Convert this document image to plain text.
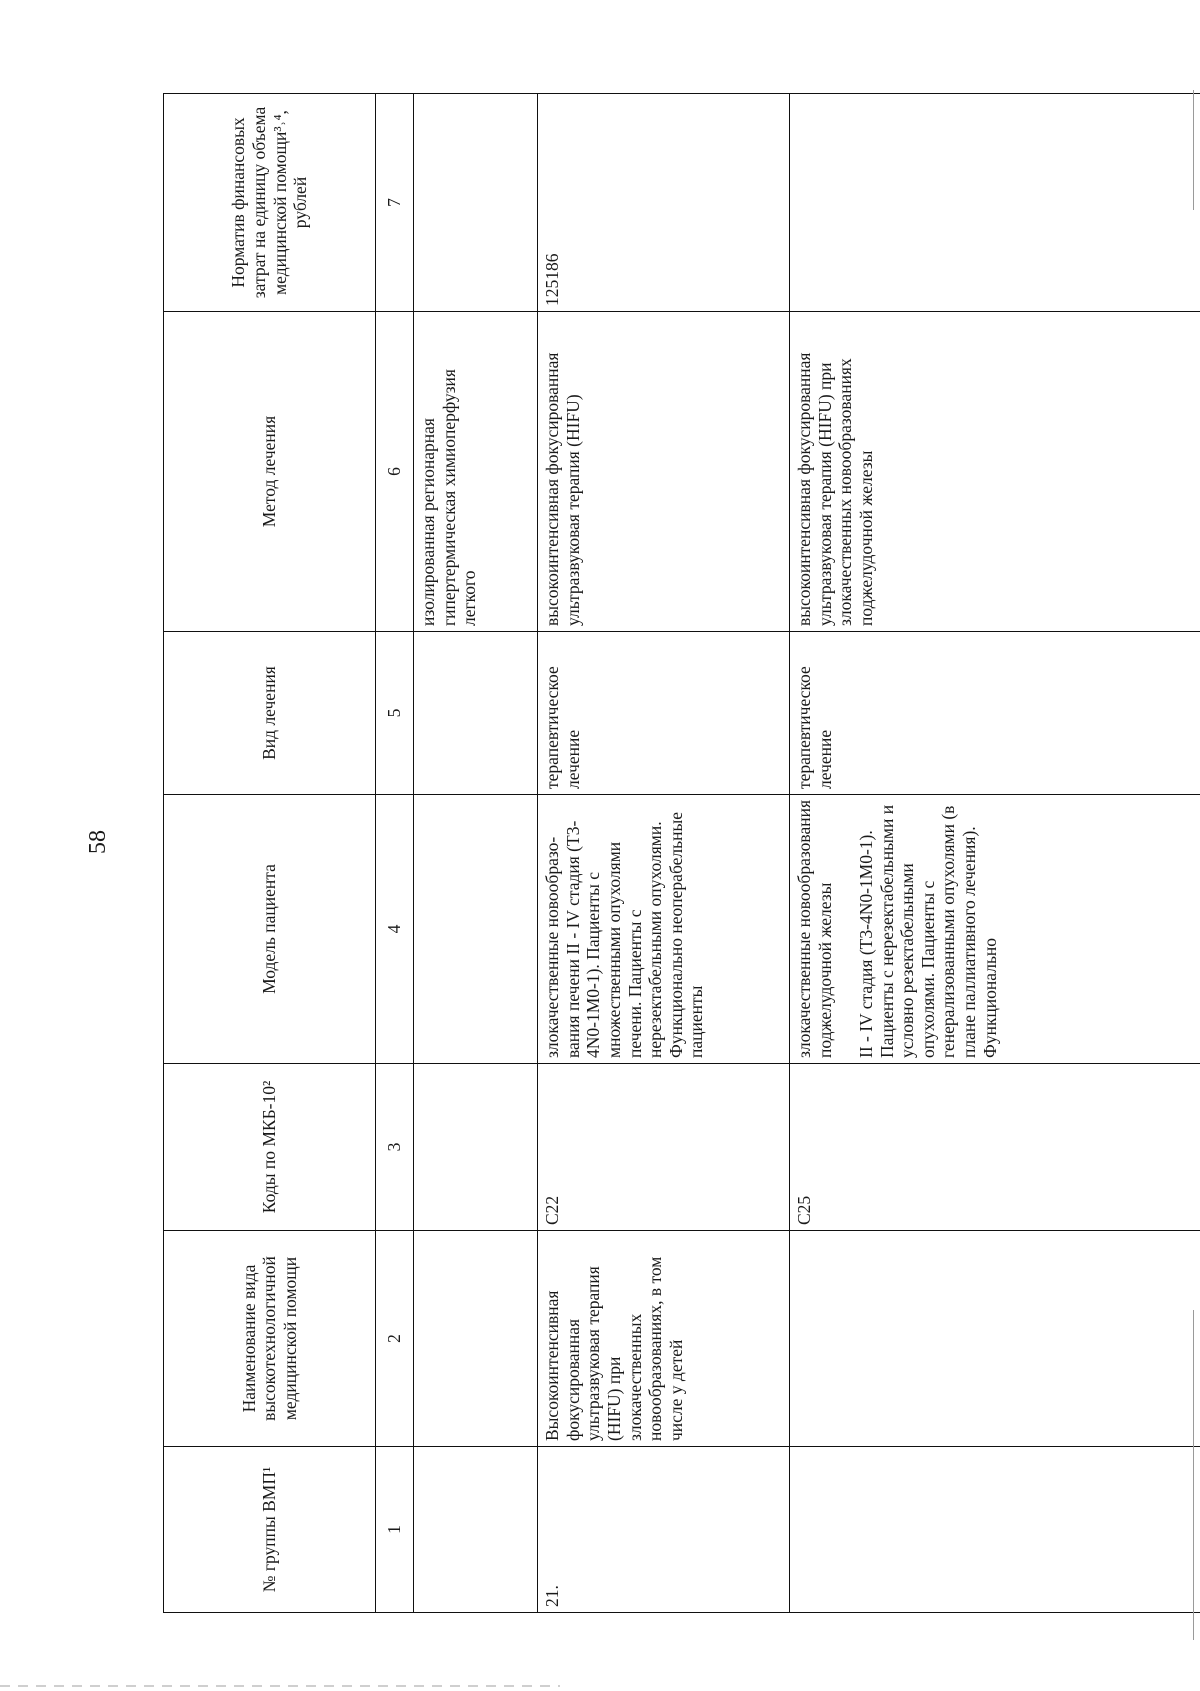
58
№ группы ВМП¹	Наименование вида высокотехнологичной медицинской помощи	Коды по МКБ-10²	Модель пациента	Вид лечения	Метод лечения	Норматив финансовых затрат на единицу объема медицинской помощи³˒⁴, рублей
1	2	3	4	5	6	7
					изолированная регионарная гипертермическая химиоперфузия легкого	
21.	Высокоинтенсивная фокусированная ультразвуковая терапия (HIFU) при злокачественных новообразованиях, в том числе у детей	C22	злокачественные новообразо-вания печени II - IV стадия (T3-4N0-1M0-1). Пациенты с множественными опухолями печени. Пациенты с нерезектабельными опухолями. Функционально неоперабельные пациенты	терапевтическое лечение	высокоинтенсивная фокусированная ультразвуковая терапия (HIFU)	125186
		C25	злокачественные новообразования поджелудочной железы II - IV стадия (T3-4N0-1M0-1). Пациенты с нерезектабельными и условно резектабельными опухолями. Пациенты с генерализованными опухолями (в плане паллиативного лечения). Функционально	терапевтическое лечение	высокоинтенсивная фокусированная ультразвуковая терапия (HIFU) при злокачественных новообразованиях поджелудочной железы	
